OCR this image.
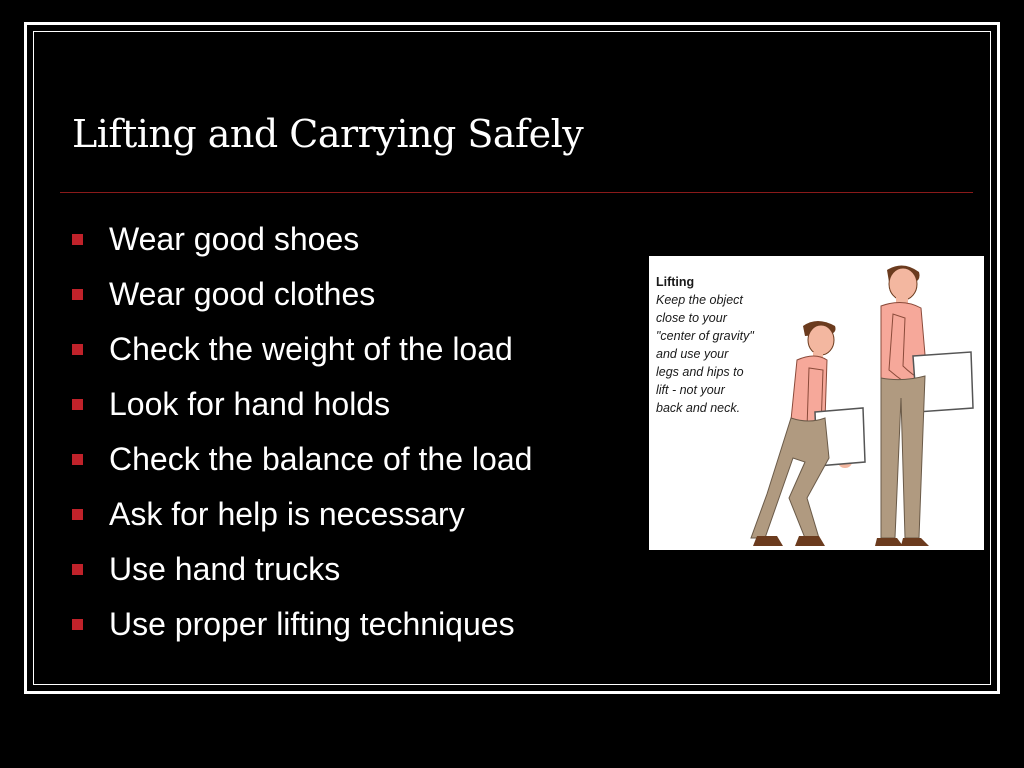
Lifting and Carrying Safely
Wear good shoes
Wear good clothes
Check the weight of the load
Look for hand holds
Check the balance of the load
Ask for help is necessary
Use hand trucks
Use proper lifting techniques
Lifting
Keep the object
close to your
"center of gravity"
and use your
legs and hips to
lift - not your
back and neck.
